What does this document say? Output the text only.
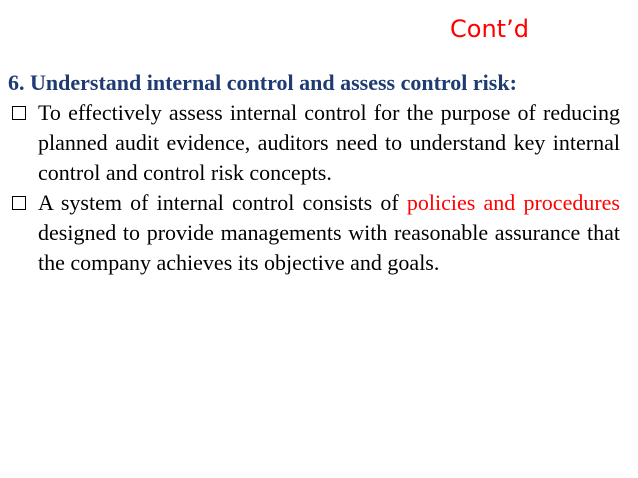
Cont’d

6. Understand internal control and assess control risk:

To effectively assess internal control for the purpose of reducing planned audit evidence, auditors need to understand key internal control and control risk concepts.

A system of internal control consists of policies and procedures designed to provide managements with reasonable assurance that the company achieves its objective and goals.
